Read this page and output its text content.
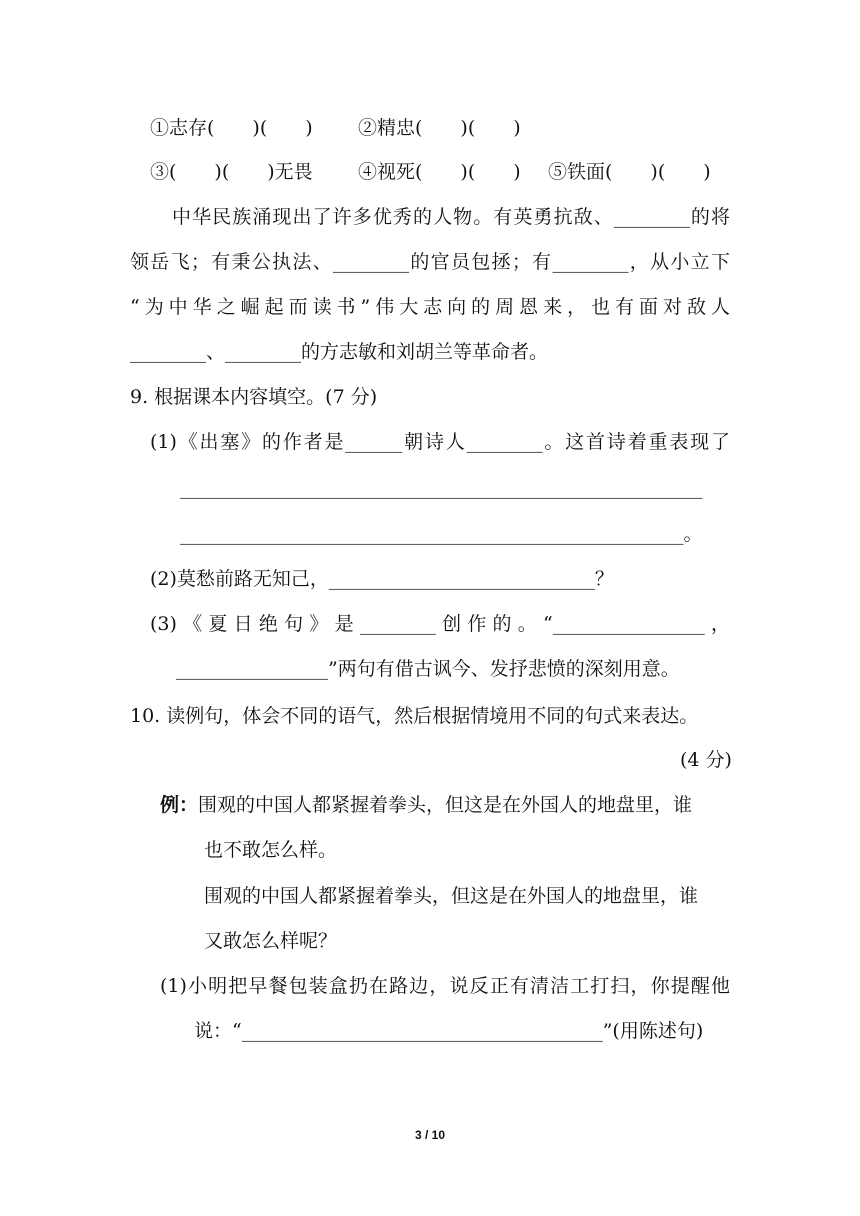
①志存(　　)(　　) ②精忠(　　)(　　)
③(　　)(　　)无畏 ④视死(　　)(　　) ⑤铁面(　　)(　　)
中华民族涌现出了许多优秀的人物。有英勇抗敌、________的将
领岳飞；有秉公执法、________的官员包拯；有________，从小立下
“为中华之崛起而读书”伟大志向的周恩来，也有面对敌人
________、________的方志敏和刘胡兰等革命者。
9. 根据课本内容填空。(7 分)
(1)《出塞》的作者是______朝诗人________。这首诗着重表现了
_______________________________________________________
_____________________________________________________。
(2)莫愁前路无知己，____________________________？
(3)《夏日绝句》是________创作的。“________________，
________________”两句有借古讽今、发抒悲愤的深刻用意。
10. 读例句，体会不同的语气，然后根据情境用不同的句式来表达。
(4 分)
例：围观的中国人都紧握着拳头，但这是在外国人的地盘里，谁
也不敢怎么样。
围观的中国人都紧握着拳头，但这是在外国人的地盘里，谁
又敢怎么样呢？
(1)小明把早餐包装盒扔在路边，说反正有清洁工打扫，你提醒他
说：“______________________________________”(用陈述句)
3 / 10
